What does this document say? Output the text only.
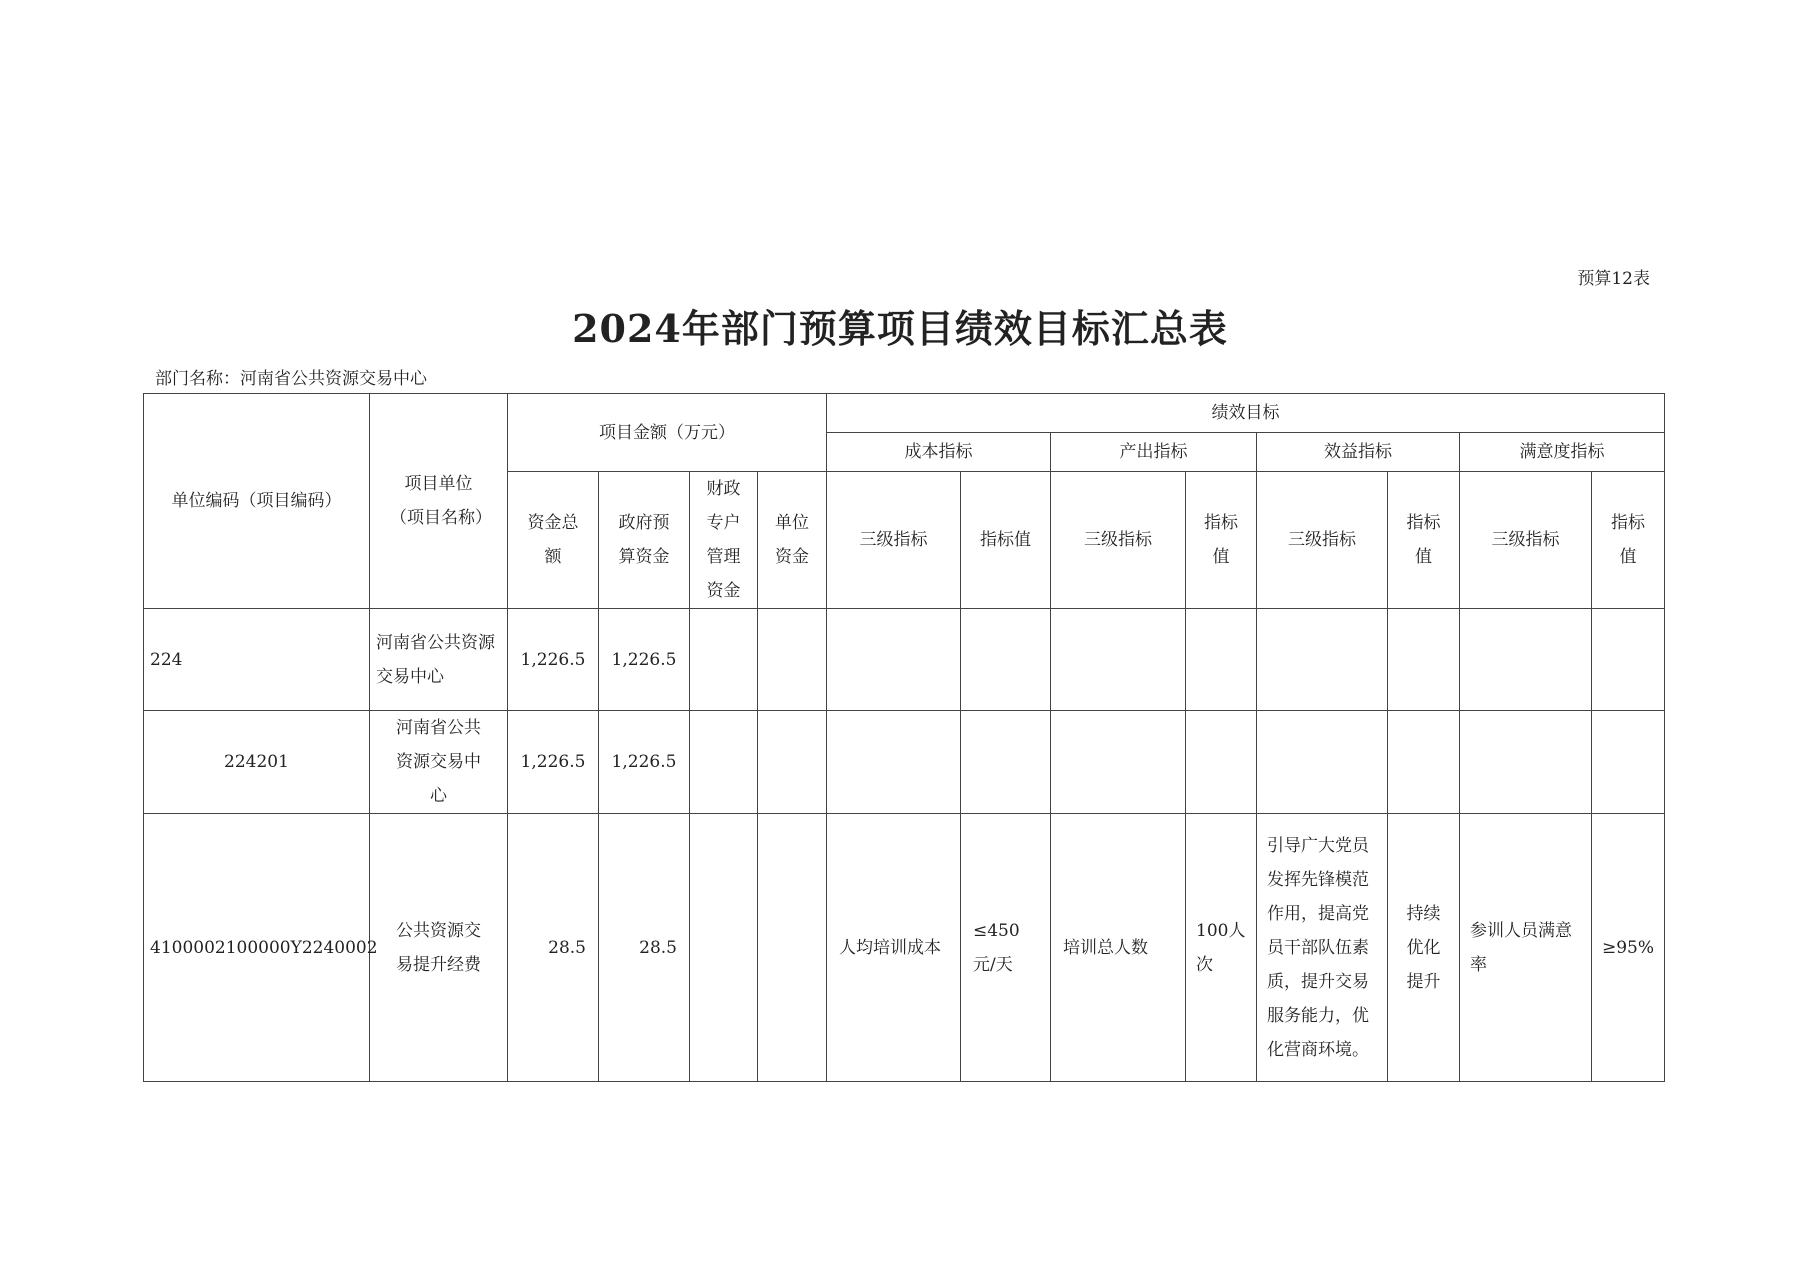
预算12表
2024年部门预算项目绩效目标汇总表
部门名称：河南省公共资源交易中心
单位编码（项目编码）	项目单位（项目名称）	项目金额（万元）				绩效目标							
						成本指标		产出指标		效益指标		满意度指标	
		资金总额	政府预算资金	财政专户管理资金	单位资金	三级指标	指标值	三级指标	指标值	三级指标	指标值	三级指标	指标值
224	河南省公共资源交易中心	1,226.5	1,226.5										
224201	河南省公共资源交易中心	1,226.5	1,226.5										
4100002100000Y2240002	公共资源交易提升经费	28.5	28.5			人均培训成本	≤450元/天	培训总人数	100人次	引导广大党员发挥先锋模范作用，提高党员干部队伍素质，提升交易服务能力，优化营商环境。	持续优化提升	参训人员满意率	≥95%
